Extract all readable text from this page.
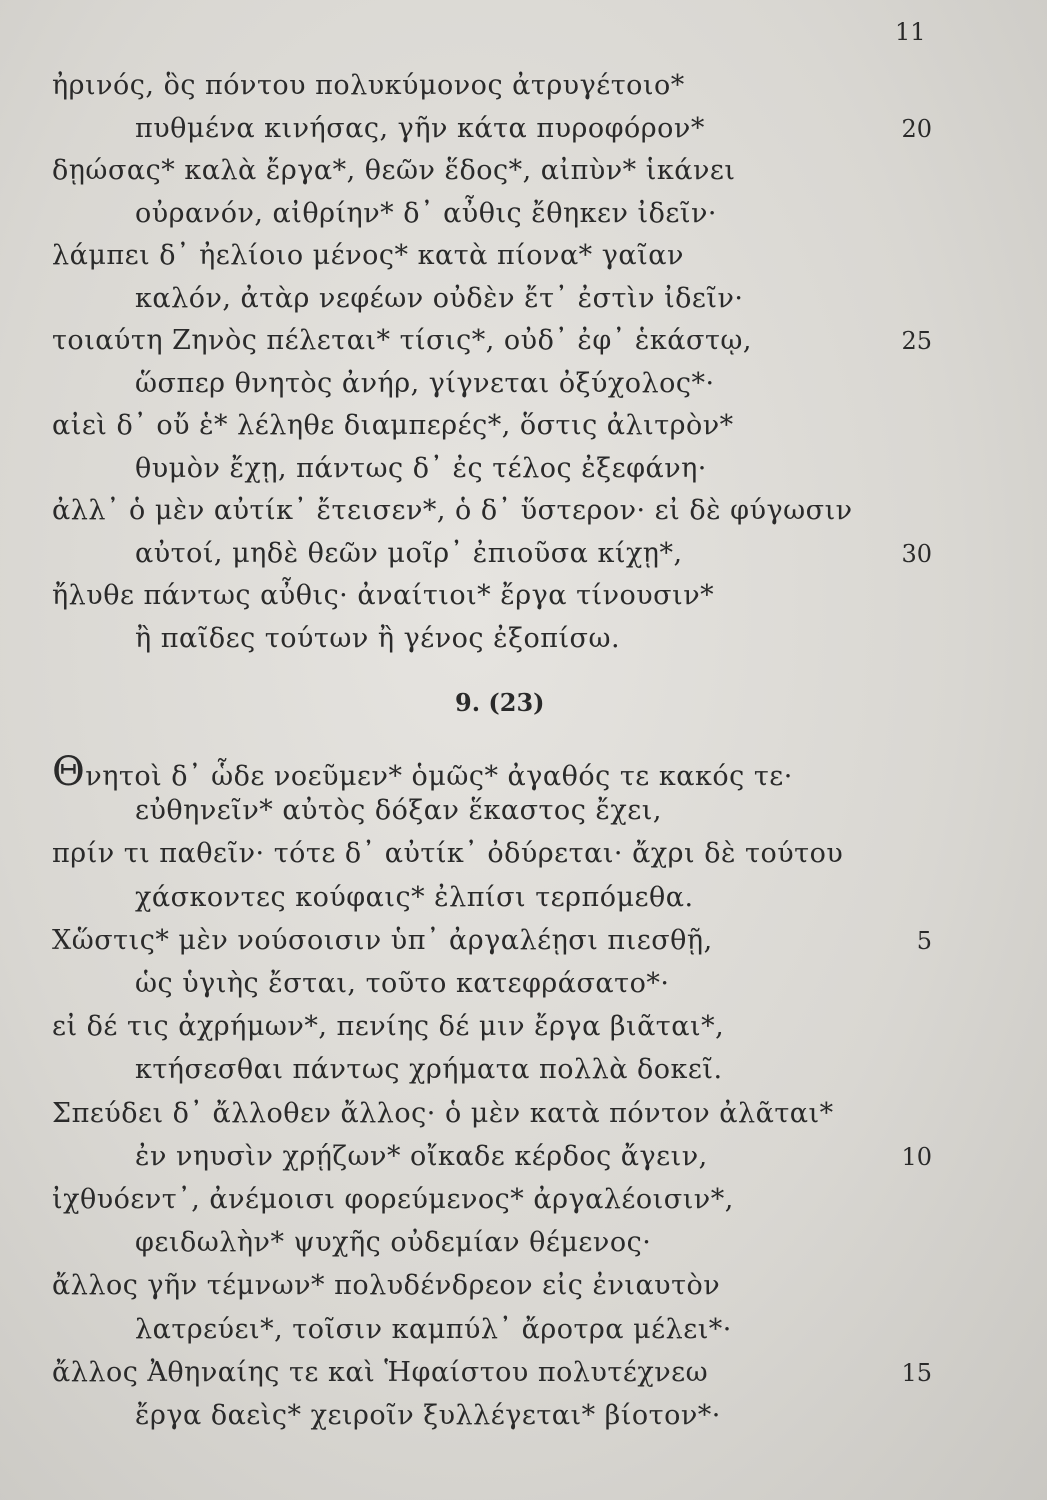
11
ἠρινός, ὃς πόντου πολυκύμονος ἀτρυγέτοιο*
πυθμένα κινήσας, γῆν κάτα πυροφόρον*	20
δῃώσας* καλὰ ἔργα*, θεῶν ἕδος*, αἰπὺν* ἱκάνει
οὐρανόν, αἰθρίην* δ᾽ αὖθις ἔθηκεν ἰδεῖν·
λάμπει δ᾽ ἠελίοιο μένος* κατὰ πίονα* γαῖαν
καλόν, ἀτὰρ νεφέων οὐδὲν ἔτ᾽ ἐστὶν ἰδεῖν·
τοιαύτη Ζηνὸς πέλεται* τίσις*, οὐδ᾽ ἐφ᾽ ἑκάστῳ,	25
ὥσπερ θνητὸς ἀνήρ, γίγνεται ὀξύχολος*·
αἰεὶ δ᾽ οὔ ἑ* λέληθε διαμπερές*, ὅστις ἀλιτρὸν*
θυμὸν ἔχῃ, πάντως δ᾽ ἐς τέλος ἐξεφάνη·
ἀλλ᾽ ὁ μὲν αὐτίκ᾽ ἔτεισεν*, ὁ δ᾽ ὕστερον· εἰ δὲ φύγωσιν
αὐτοί, μηδὲ θεῶν μοῖρ᾽ ἐπιοῦσα κίχῃ*,	30
ἤλυθε πάντως αὖθις· ἀναίτιοι* ἔργα τίνουσιν*
ἢ παῖδες τούτων ἢ γένος ἐξοπίσω.
9. (23)
Θνητοὶ δ᾽ ὧδε νοεῦμεν* ὁμῶς* ἀγαθός τε κακός τε·
εὐθηνεῖν* αὐτὸς δόξαν ἕκαστος ἔχει,
πρίν τι παθεῖν· τότε δ᾽ αὐτίκ᾽ ὀδύρεται· ἄχρι δὲ τούτου
χάσκοντες κούφαις* ἐλπίσι τερπόμεθα.
Χὥστις* μὲν νούσοισιν ὑπ᾽ ἀργαλέῃσι πιεσθῇ,	5
ὡς ὑγιὴς ἔσται, τοῦτο κατεφράσατο*·
εἰ δέ τις ἀχρήμων*, πενίης δέ μιν ἔργα βιᾶται*,
κτήσεσθαι πάντως χρήματα πολλὰ δοκεῖ.
Σπεύδει δ᾽ ἄλλοθεν ἄλλος· ὁ μὲν κατὰ πόντον ἀλᾶται*
ἐν νηυσὶν χρῄζων* οἴκαδε κέρδος ἄγειν,	10
ἰχθυόεντ᾽, ἀνέμοισι φορεύμενος* ἀργαλέοισιν*,
φειδωλὴν* ψυχῆς οὐδεμίαν θέμενος·
ἄλλος γῆν τέμνων* πολυδένδρεον εἰς ἐνιαυτὸν
λατρεύει*, τοῖσιν καμπύλ᾽ ἄροτρα μέλει*·
ἄλλος Ἀθηναίης τε καὶ Ἡφαίστου πολυτέχνεω	15
ἔργα δαεὶς* χειροῖν ξυλλέγεται* βίοτον*·
